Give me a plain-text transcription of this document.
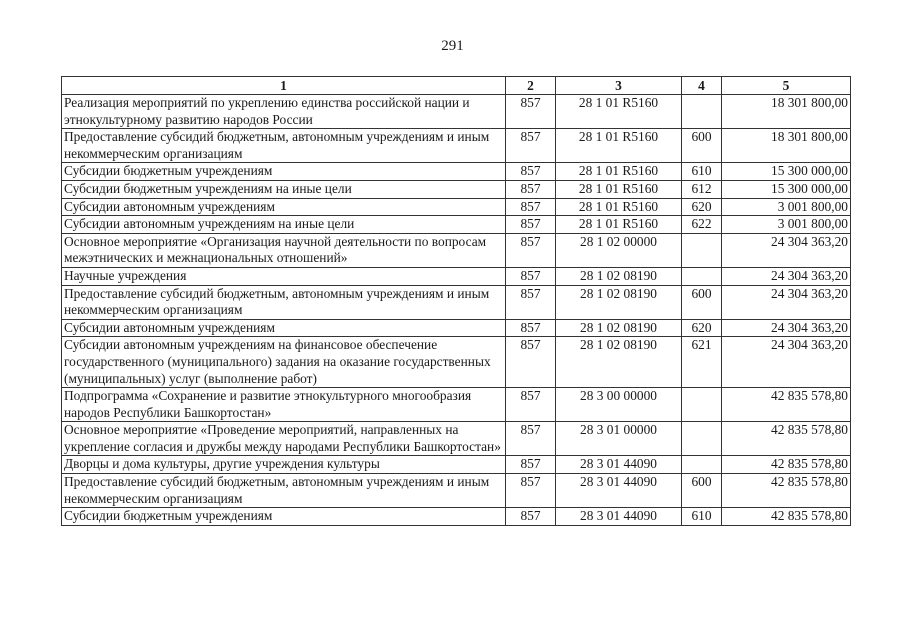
291
1	2	3	4	5
Реализация мероприятий по укреплению единства российской нации и этнокультурному развитию народов России	857	28 1 01 R5160		18 301 800,00
Предоставление субсидий бюджетным, автономным учреждениям и иным некоммерческим организациям	857	28 1 01 R5160	600	18 301 800,00
Субсидии бюджетным учреждениям	857	28 1 01 R5160	610	15 300 000,00
Субсидии бюджетным учреждениям на иные цели	857	28 1 01 R5160	612	15 300 000,00
Субсидии автономным учреждениям	857	28 1 01 R5160	620	3 001 800,00
Субсидии автономным учреждениям на иные цели	857	28 1 01 R5160	622	3 001 800,00
Основное мероприятие «Организация научной деятельности по вопросам межэтнических и межнациональных отношений»	857	28 1 02 00000		24 304 363,20
Научные учреждения	857	28 1 02 08190		24 304 363,20
Предоставление субсидий бюджетным, автономным учреждениям и иным некоммерческим организациям	857	28 1 02 08190	600	24 304 363,20
Субсидии автономным учреждениям	857	28 1 02 08190	620	24 304 363,20
Субсидии автономным учреждениям на финансовое обеспечение государственного (муниципального) задания на оказание государственных (муниципальных) услуг (выполнение работ)	857	28 1 02 08190	621	24 304 363,20
Подпрограмма «Сохранение и развитие этнокультурного многообразия народов Республики Башкортостан»	857	28 3 00 00000		42 835 578,80
Основное мероприятие «Проведение мероприятий, направленных на укрепление согласия и дружбы между народами Республики Башкортостан»	857	28 3 01 00000		42 835 578,80
Дворцы и дома культуры, другие учреждения культуры	857	28 3 01 44090		42 835 578,80
Предоставление субсидий бюджетным, автономным учреждениям и иным некоммерческим организациям	857	28 3 01 44090	600	42 835 578,80
Субсидии бюджетным учреждениям	857	28 3 01 44090	610	42 835 578,80
